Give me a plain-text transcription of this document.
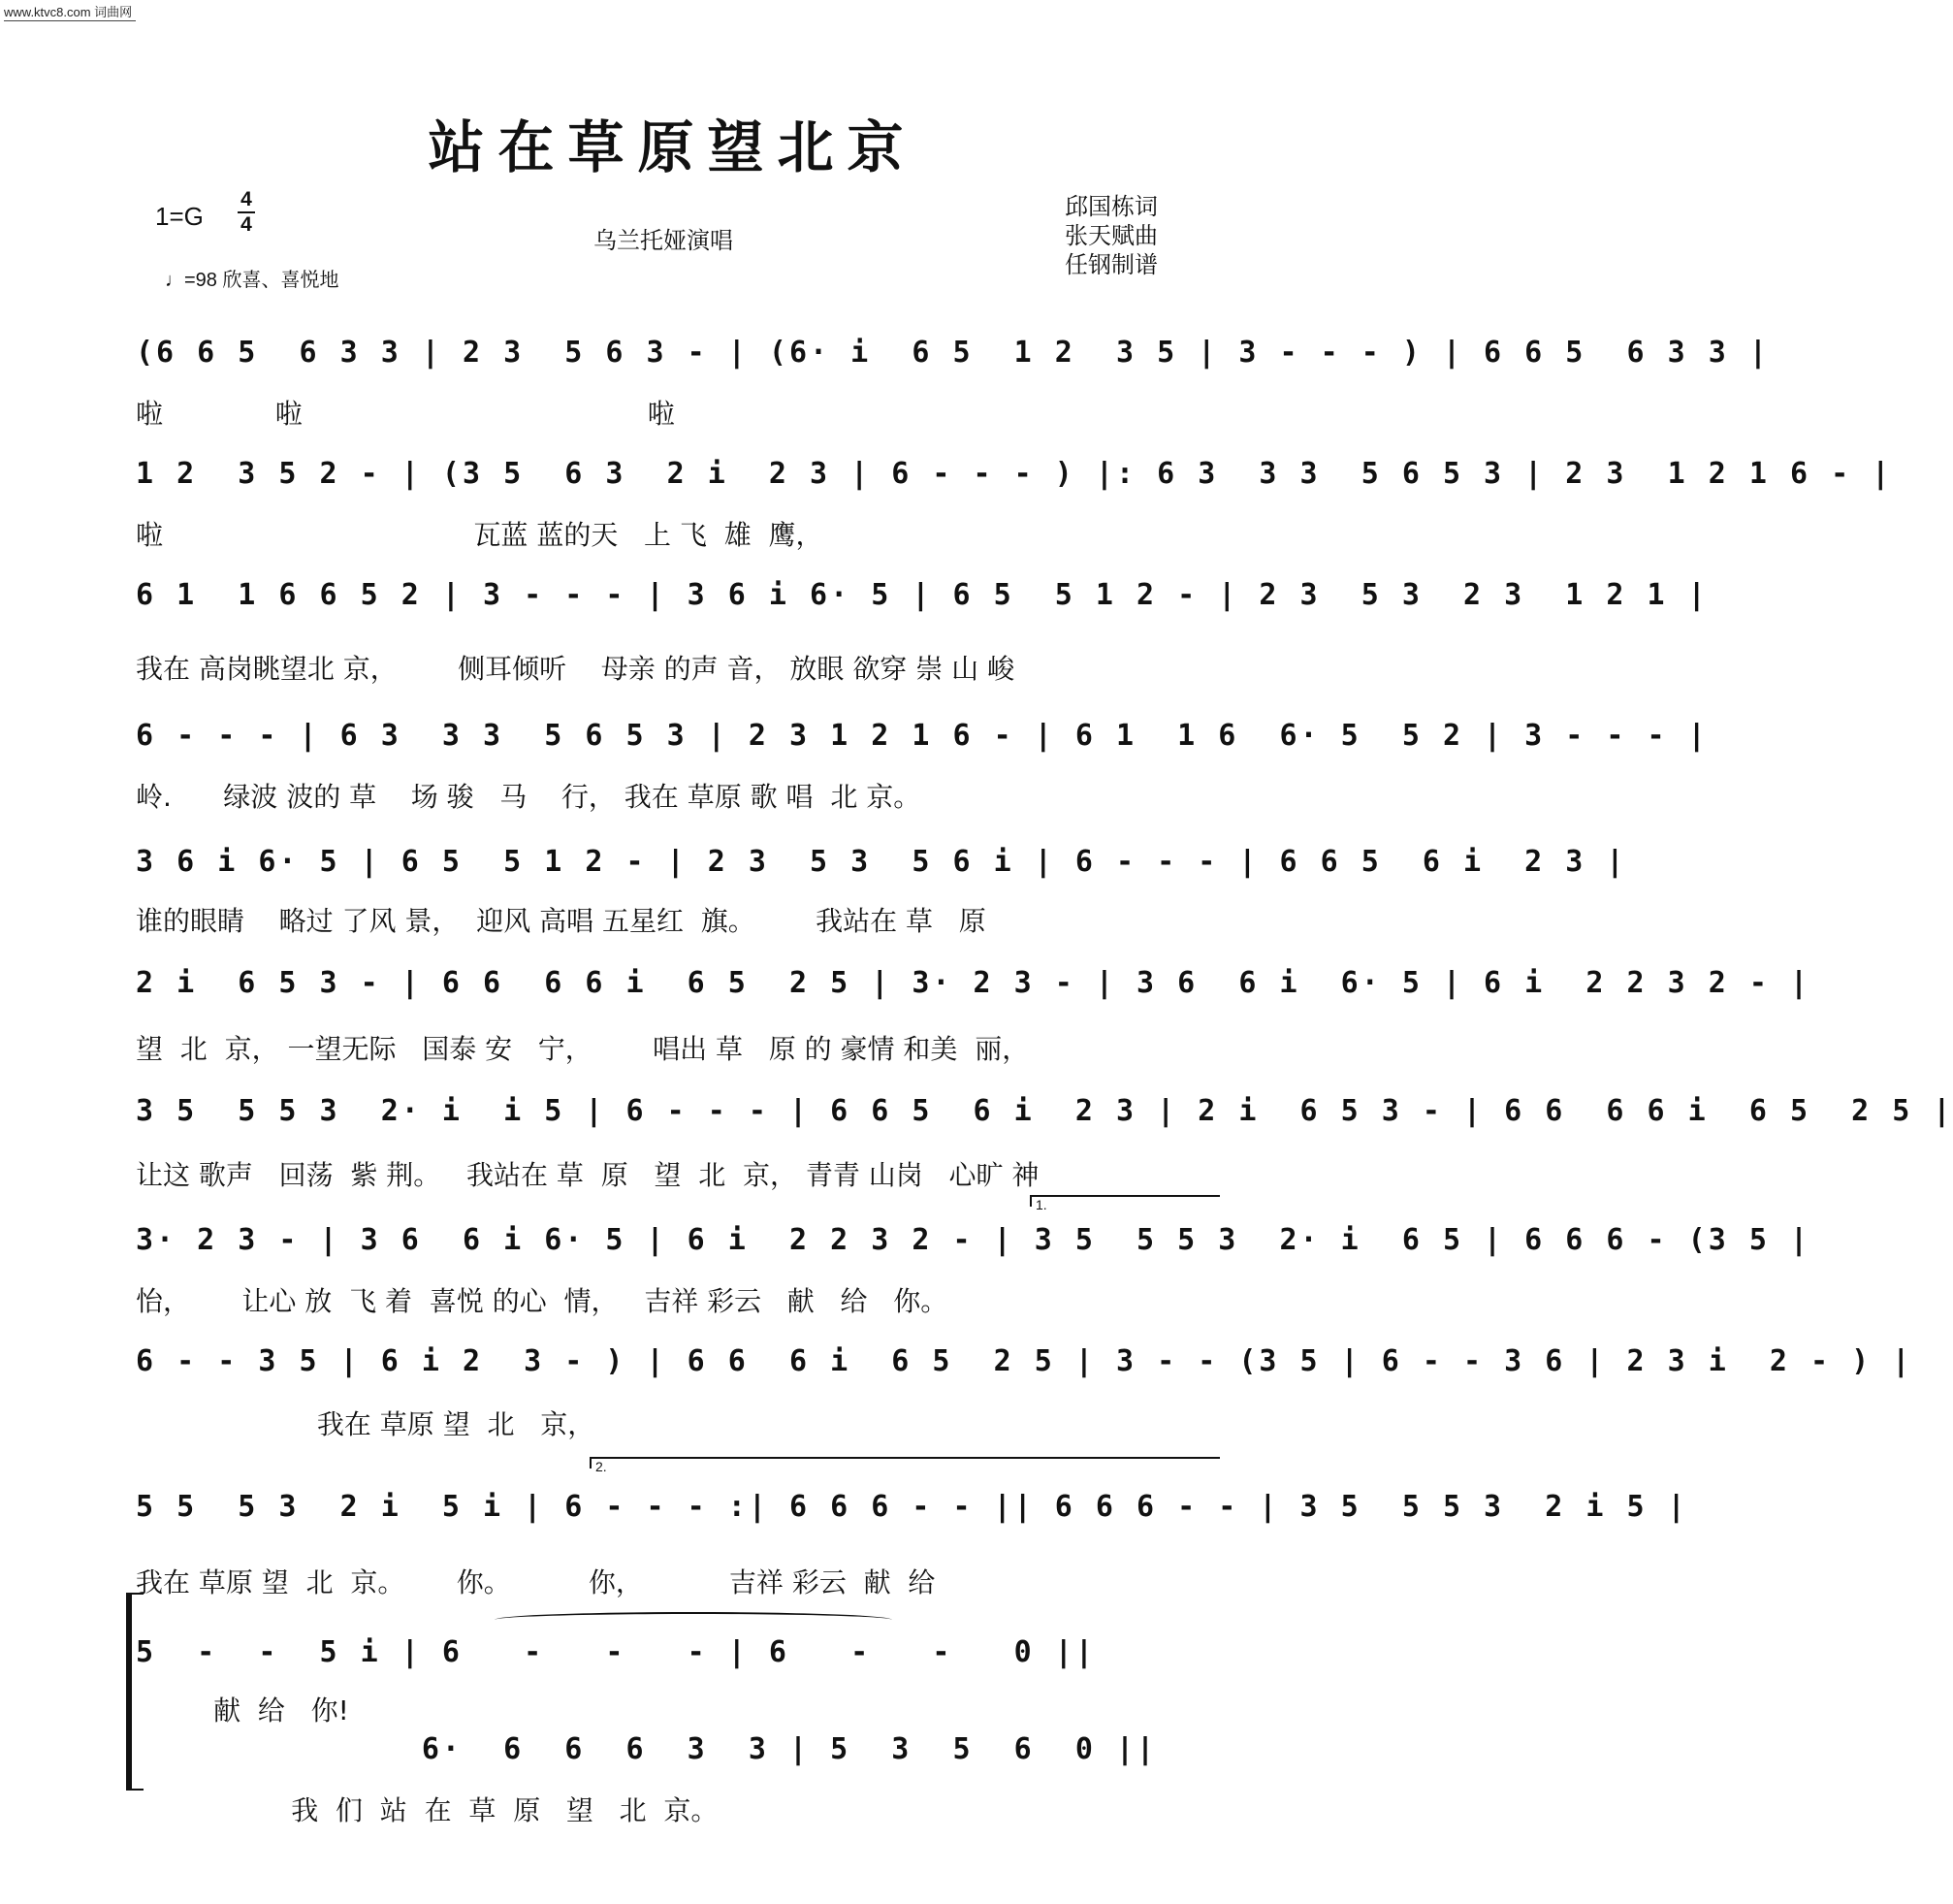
www.ktvc8.com 词曲网
站在草原望北京
1=G
4
4
♩=98 欣喜、喜悦地
乌兰托娅演唱
邱国栋词
张天赋曲
任钢制谱
(6 6 5  6 3 3 | 2 3  5 6 3 - | (6· i  6 5  1 2  3 5 | 3 - - - ) | 6 6 5  6 3 3 |
啦             啦                                        啦
1 2  3 5 2 - | (3 5  6 3  2 i  2 3 | 6 - - - ) |: 6 3  3 3  5 6 5 3 | 2 3  1 2 1 6 - |
啦                                    瓦蓝 蓝的天   上 飞  雄  鹰，
6 1  1 6 6 5 2 | 3 - - - | 3 6 i 6· 5 | 6 5  5 1 2 - | 2 3  5 3  2 3  1 2 1 |
我在 高岗眺望北 京，       侧耳倾听    母亲 的声 音， 放眼 欲穿 崇 山 峻
6 - - - | 6 3  3 3  5 6 5 3 | 2 3 1 2 1 6 - | 6 1  1 6  6· 5  5 2 | 3 - - - |
岭.      绿波 波的 草    场 骏   马    行， 我在 草原 歌 唱  北 京。
3 6 i 6· 5 | 6 5  5 1 2 - | 2 3  5 3  5 6 i | 6 - - - | 6 6 5  6 i  2 3 |
谁的眼睛    略过 了风 景，  迎风 高唱 五星红  旗。       我站在 草   原
2 i  6 5 3 - | 6 6  6 6 i  6 5  2 5 | 3· 2 3 - | 3 6  6 i  6· 5 | 6 i  2 2 3 2 - |
望  北  京， 一望无际   国泰 安   宁，       唱出 草   原 的 豪情 和美  丽，
3 5  5 5 3  2· i  i 5 | 6 - - - | 6 6 5  6 i  2 3 | 2 i  6 5 3 - | 6 6  6 6 i  6 5  2 5 |
让这 歌声   回荡  紫 荆。   我站在 草  原   望  北  京， 青青 山岗   心旷 神
1.
3· 2 3 - | 3 6  6 i 6· 5 | 6 i  2 2 3 2 - | 3 5  5 5 3  2· i  6 5 | 6 6 6 - (3 5 |
怡，      让心 放  飞 着  喜悦 的心  情，   吉祥 彩云   献   给   你。
6 - - 3 5 | 6 i 2  3 - ) | 6 6  6 i  6 5  2 5 | 3 - - (3 5 | 6 - - 3 6 | 2 3 i  2 - ) |
我在 草原 望  北   京，
2.
5 5  5 3  2 i  5 i | 6 - - - :| 6 6 6 - - || 6 6 6 - - | 3 5  5 5 3  2 i 5 |
我在 草原 望  北  京。      你。         你，          吉祥 彩云  献  给
5  -  -  5 i | 6   -   -   - | 6   -   -   0 ||
献  给   你!
6·  6  6  6  3  3 | 5  3  5  6  0 ||
我  们  站  在  草  原   望   北  京。
